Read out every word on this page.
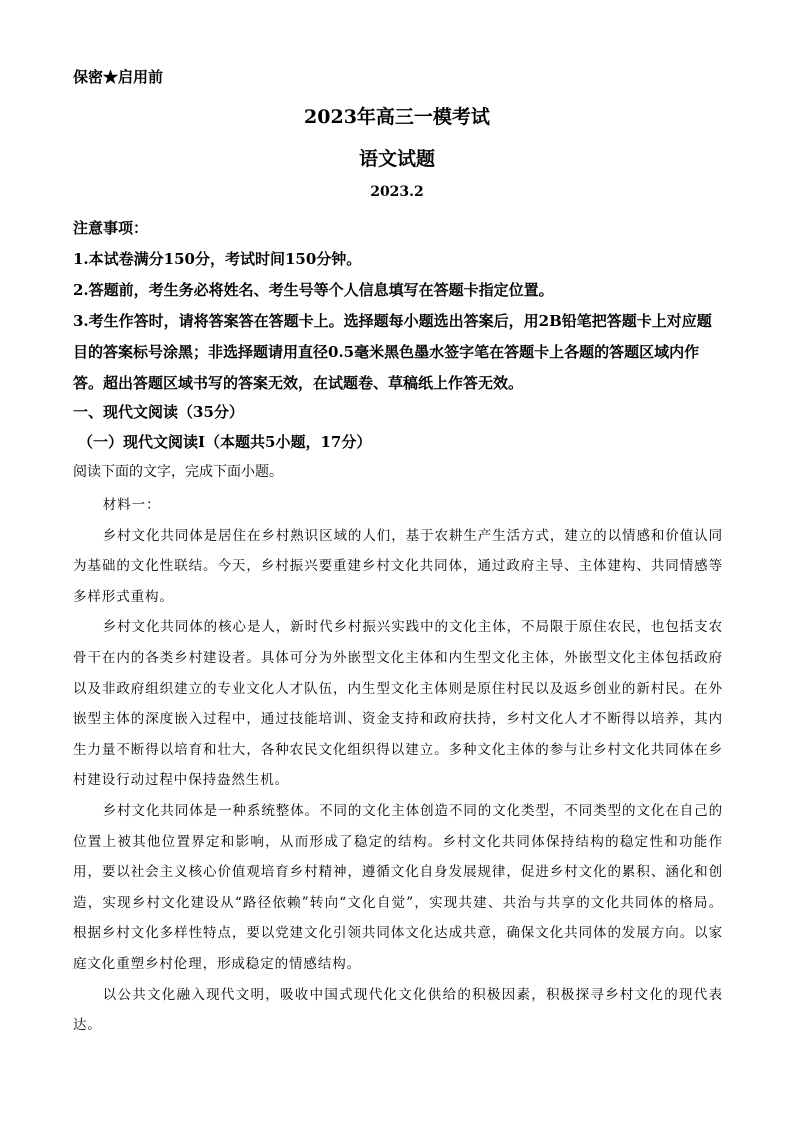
保密★启用前
2023年高三一模考试
语文试题
2023.2

注意事项：

1.本试卷满分150分，考试时间150分钟。

2.答题前，考生务必将姓名、考生号等个人信息填写在答题卡指定位置。

3.考生作答时，请将答案答在答题卡上。选择题每小题选出答案后，用2B铅笔把答题卡上对应题目的答案标号涂黑；非选择题请用直径0.5毫米黑色墨水签字笔在答题卡上各题的答题区域内作答。超出答题区域书写的答案无效，在试题卷、草稿纸上作答无效。

一、现代文阅读（35分）
（一）现代文阅读Ⅰ（本题共5小题，17分）
阅读下面的文字，完成下面小题。

材料一：

乡村文化共同体是居住在乡村熟识区域的人们，基于农耕生产生活方式，建立的以情感和价值认同为基础的文化性联结。今天，乡村振兴要重建乡村文化共同体，通过政府主导、主体建构、共同情感等多样形式重构。

乡村文化共同体的核心是人，新时代乡村振兴实践中的文化主体，不局限于原住农民，也包括支农骨干在内的各类乡村建设者。具体可分为外嵌型文化主体和内生型文化主体，外嵌型文化主体包括政府以及非政府组织建立的专业文化人才队伍，内生型文化主体则是原住村民以及返乡创业的新村民。在外嵌型主体的深度嵌入过程中，通过技能培训、资金支持和政府扶持，乡村文化人才不断得以培养，其内生力量不断得以培育和壮大，各种农民文化组织得以建立。多种文化主体的参与让乡村文化共同体在乡村建设行动过程中保持盎然生机。

乡村文化共同体是一种系统整体。不同的文化主体创造不同的文化类型，不同类型的文化在自己的位置上被其他位置界定和影响，从而形成了稳定的结构。乡村文化共同体保持结构的稳定性和功能作用，要以社会主义核心价值观培育乡村精神，遵循文化自身发展规律，促进乡村文化的累积、涵化和创造，实现乡村文化建设从“路径依赖”转向“文化自觉”，实现共建、共治与共享的文化共同体的格局。根据乡村文化多样性特点，要以党建文化引领共同体文化达成共意，确保文化共同体的发展方向。以家庭文化重塑乡村伦理，形成稳定的情感结构。

以公共文化融入现代文明，吸收中国式现代化文化供给的积极因素，积极探寻乡村文化的现代表达。
